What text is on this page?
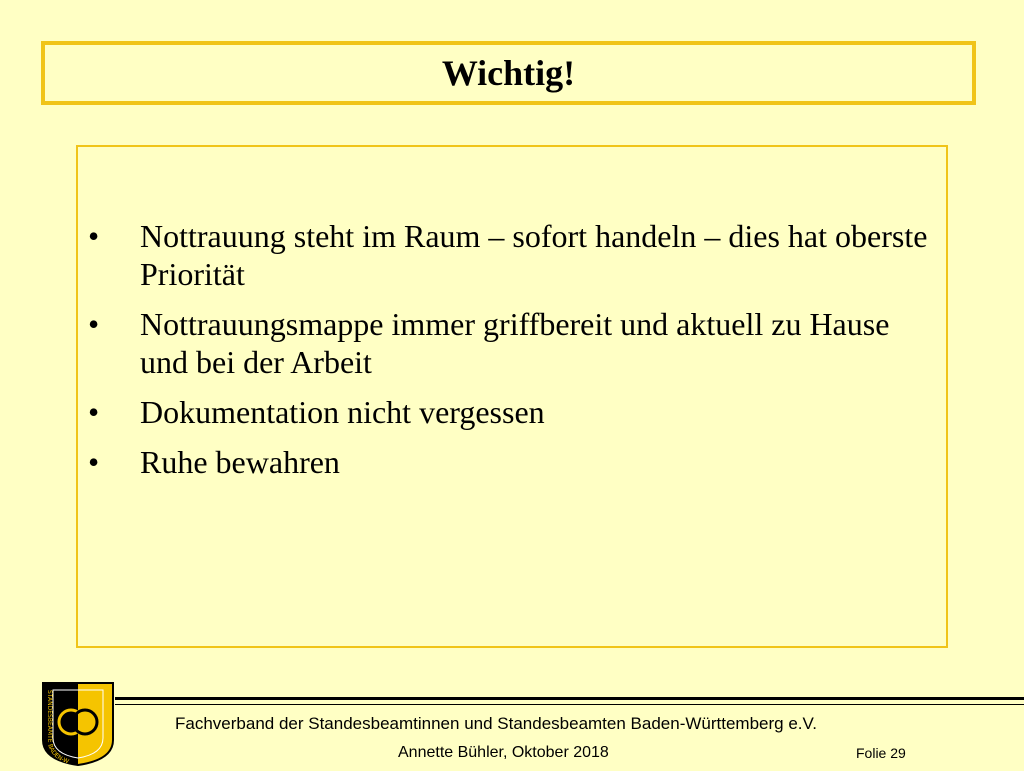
Wichtig!
•	Nottrauung steht im Raum – sofort handeln – dies hat oberste Priorität
•	Nottrauungsmappe immer griffbereit und aktuell zu Hause und bei der Arbeit
•	Dokumentation nicht vergessen
•	Ruhe bewahren
STANDESBEAMTE BADEN-W
Fachverband der Standesbeamtinnen und Standesbeamten Baden-Württemberg e.V.
Annette Bühler, Oktober 2018	Folie 29
